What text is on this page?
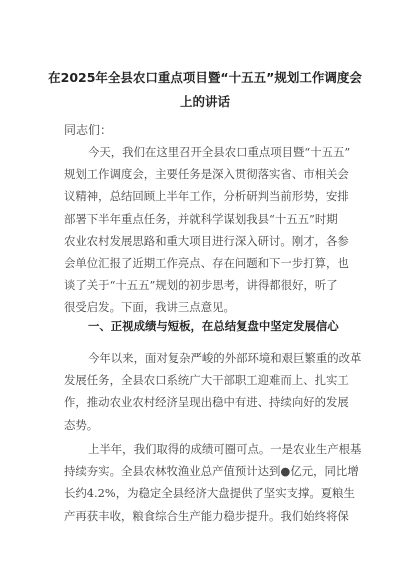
在2025年全县农口重点项目暨“十五五”规划工作调度会
上的讲话
同志们：
今天，我们在这里召开全县农口重点项目暨“十五五”
规划工作调度会，主要任务是深入贯彻落实省、市相关会
议精神，总结回顾上半年工作，分析研判当前形势，安排
部署下半年重点任务，并就科学谋划我县“十五五”时期
农业农村发展思路和重大项目进行深入研讨。刚才，各参
会单位汇报了近期工作亮点、存在问题和下一步打算，也
谈了关于“十五五”规划的初步思考，讲得都很好，听了
很受启发。下面，我讲三点意见。
一、正视成绩与短板，在总结复盘中坚定发展信心
今年以来，面对复杂严峻的外部环境和艰巨繁重的改革
发展任务，全县农口系统广大干部职工迎难而上、扎实工
作，推动农业农村经济呈现出稳中有进、持续向好的发展
态势。
上半年，我们取得的成绩可圈可点。一是农业生产根基
持续夯实。全县农林牧渔业总产值预计达到●亿元，同比增
长约4.2%，为稳定全县经济大盘提供了坚实支撑。夏粮生
产再获丰收，粮食综合生产能力稳步提升。我们始终将保
